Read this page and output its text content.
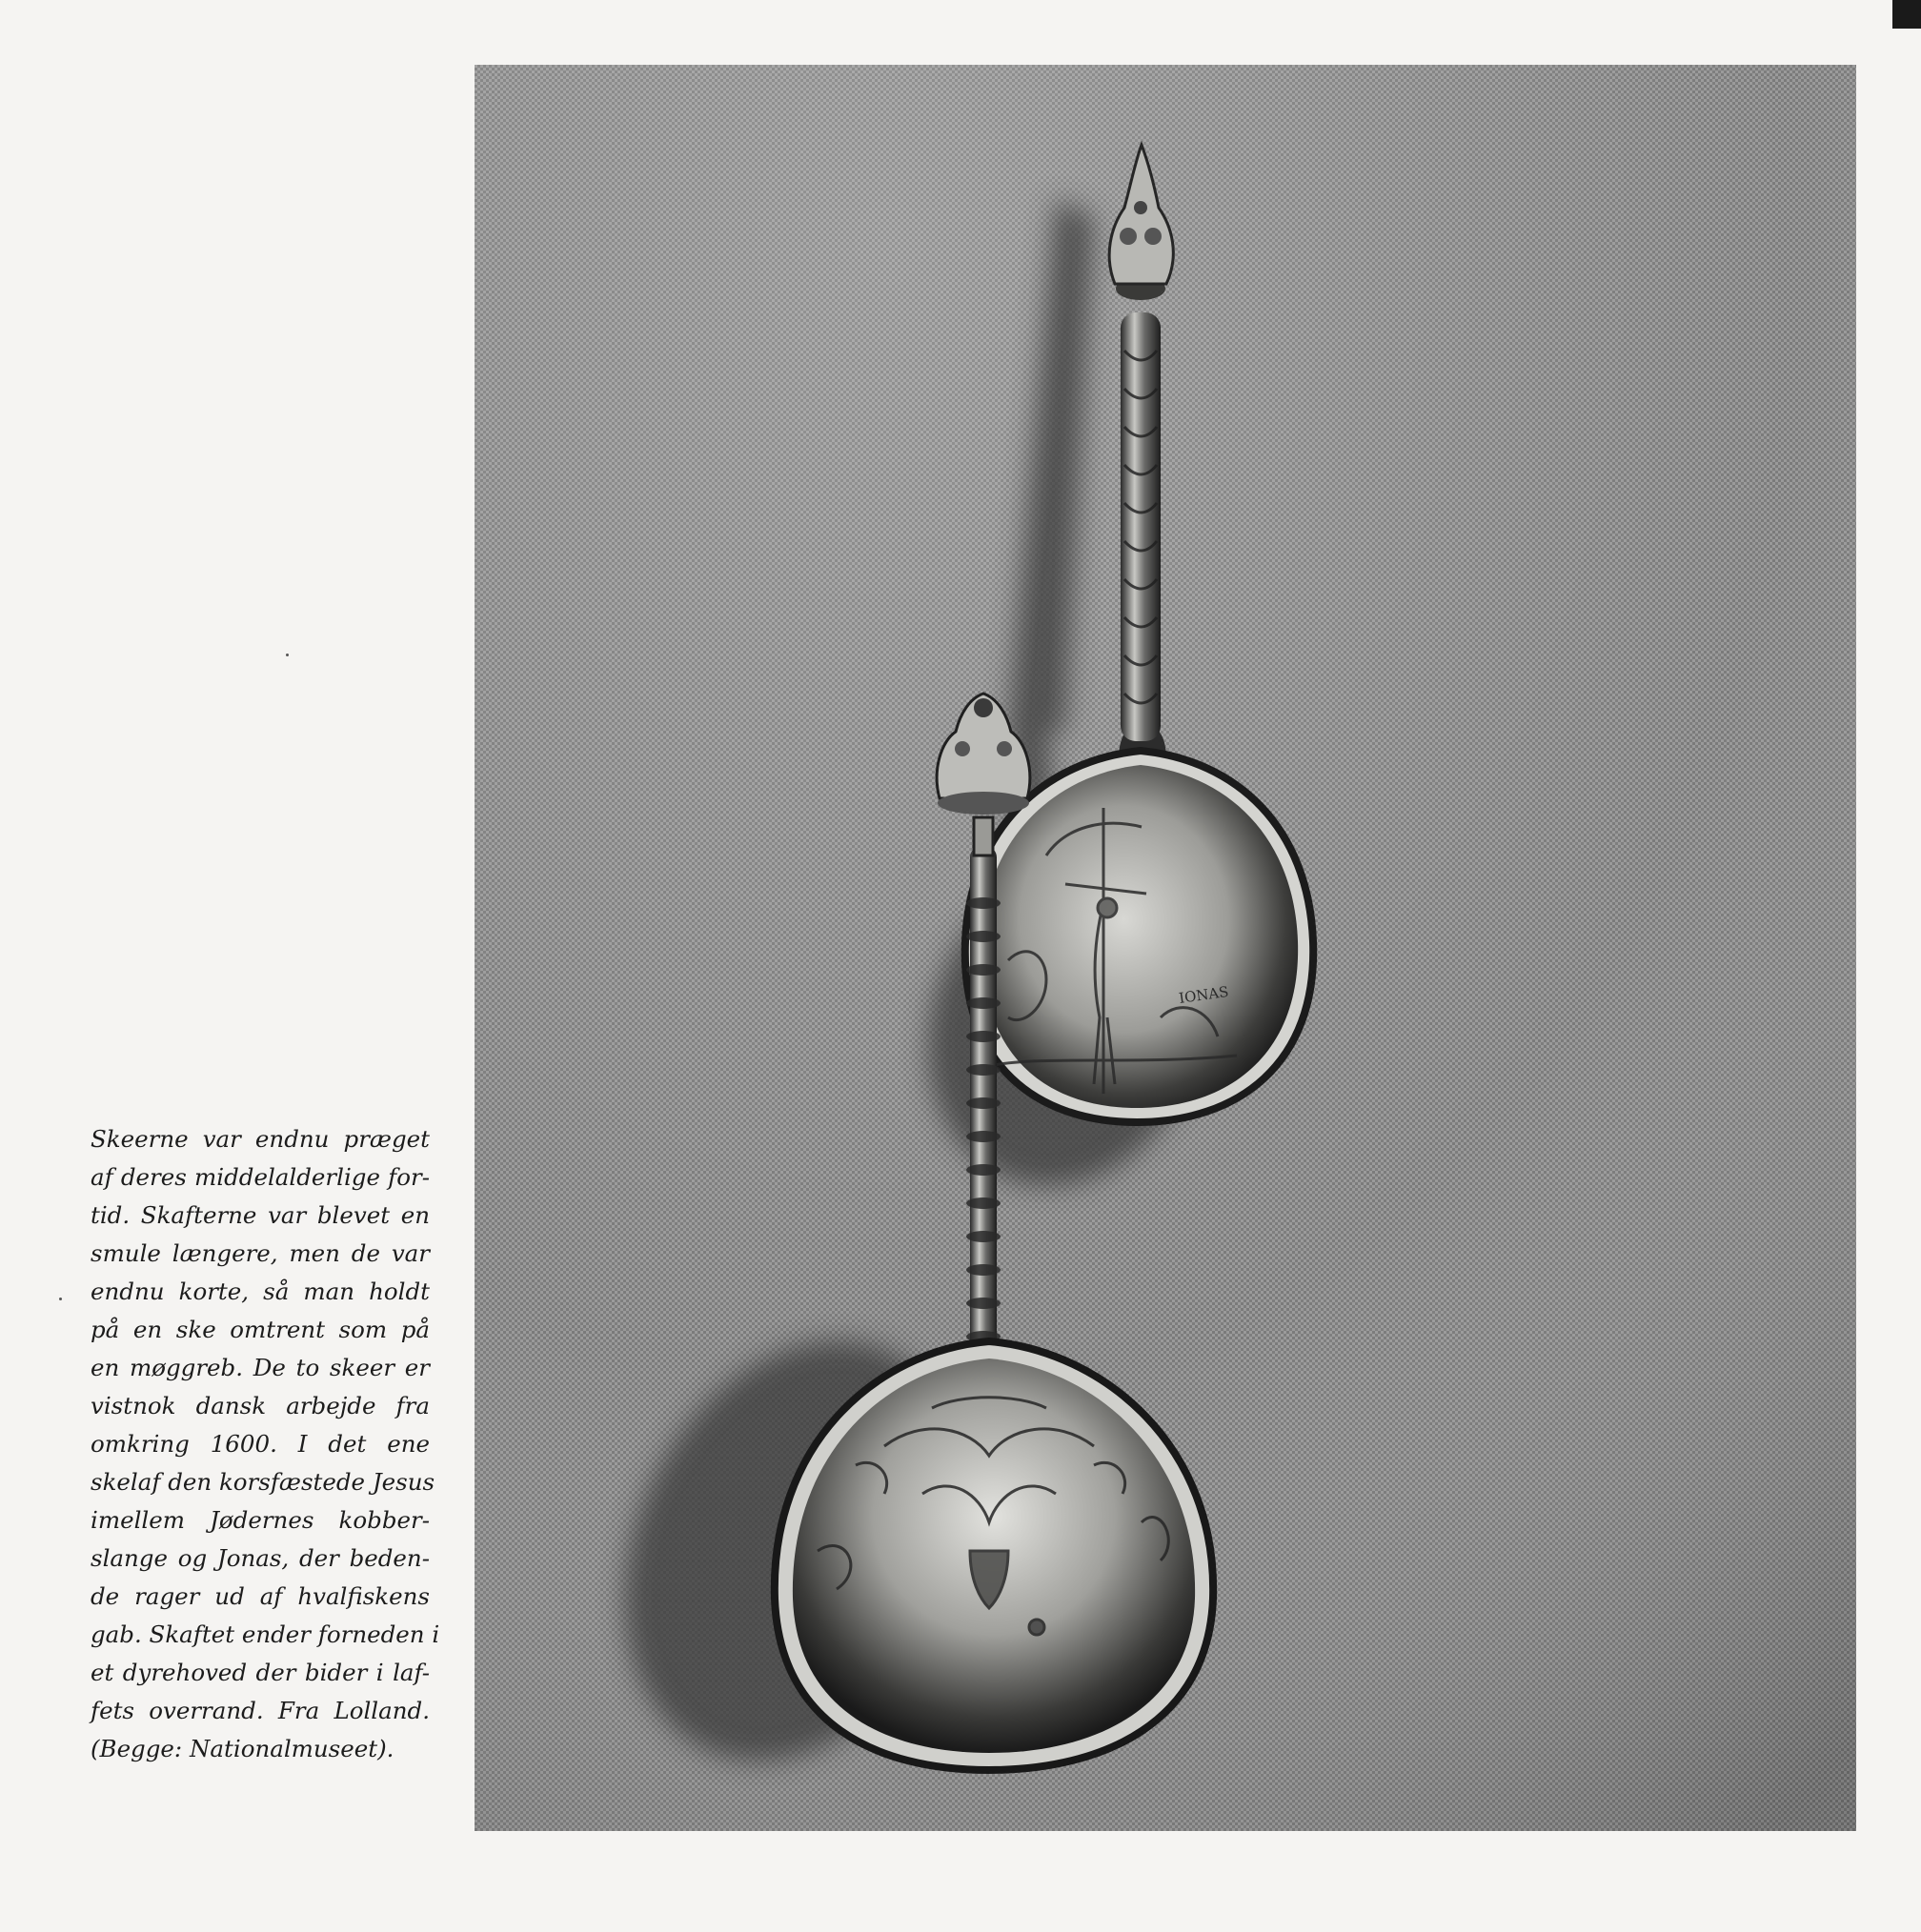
Skeerne var endnu præget
af deres middelalderlige for-
tid. Skafterne var blevet en
smule længere, men de var
endnu korte, så man holdt
på en ske omtrent som på
en møggreb. De to skeer er
vistnok dansk arbejde fra
omkring 1600. I det ene
skelaf den korsfæstede Jesus
imellem Jødernes kobber-
slange og Jonas, der beden-
de rager ud af hvalfiskens
gab. Skaftet ender forneden i
et dyrehoved der bider i laf-
fets overrand. Fra Lolland.
(Begge: Nationalmuseet).
IONAS
